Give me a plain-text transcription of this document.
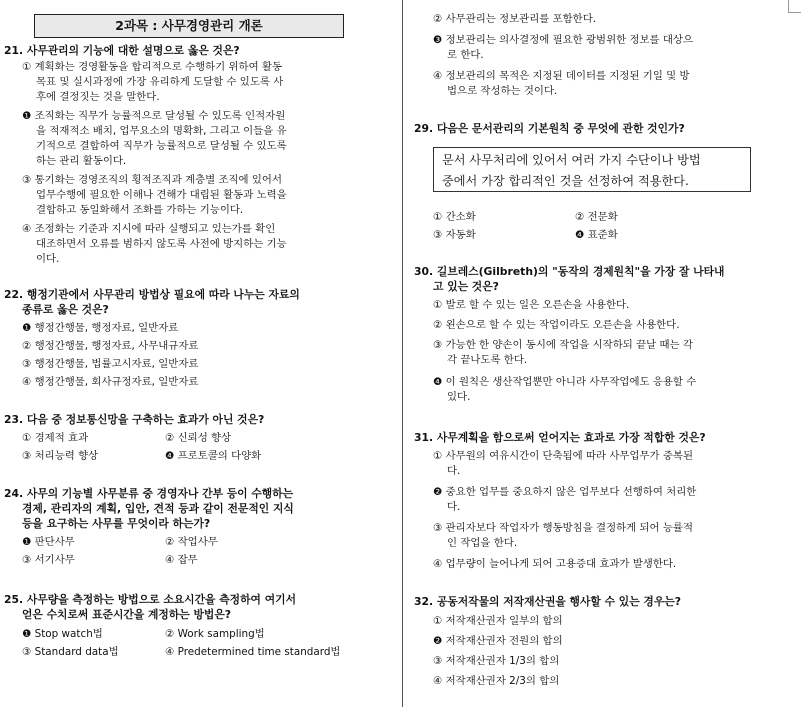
2과목 : 사무경영관리 개론
21. 사무관리의 기능에 대한 설명으로 옳은 것은?
① 계획화는 경영활동을 합리적으로 수행하기 위하여 활동
목표 및 실시과정에 가장 유리하게 도달할 수 있도록 사
후에 결정짓는 것을 말한다.
❶ 조직화는 직무가 능률적으로 달성될 수 있도록 인적자원
을 적재적소 배치, 업무요소의 명확화, 그리고 이들을 유
기적으로 결합하여 직무가 능률적으로 달성될 수 있도록
하는 관리 활동이다.
③ 통기화는 경영조직의 횡적조직과 계층별 조직에 있어서
업무수행에 필요한 이해나 견해가 대립된 활동과 노력을
결합하고 동일화해서 조화를 가하는 기능이다.
④ 조정화는 기준과 지시에 따라 실행되고 있는가를 확인
대조하면서 오류를 범하지 않도록 사전에 방지하는 기능
이다.
22. 행정기관에서 사무관리 방법상 필요에 따라 나누는 자료의
종류로 옳은 것은?
❶ 행정간행물, 행정자료, 일반자료
② 행정간행물, 행정자료, 사무내규자료
③ 행정간행물, 법률고시자료, 일반자료
④ 행정간행물, 회사규정자료, 일반자료
23. 다음 중 정보통신망을 구축하는 효과가 아닌 것은?
① 경제적 효과	② 신뢰성 향상
③ 처리능력 향상	❹ 프로토콜의 다양화
24. 사무의 기능별 사무분류 중 경영자나 간부 등이 수행하는
경제, 관리자의 계획, 입안, 견적 등과 같이 전문적인 지식
등을 요구하는 사무를 무엇이라 하는가?
❶ 판단사무	② 작업사무
③ 서기사무	④ 잡무
25. 사무량을 측정하는 방법으로 소요시간을 측정하여 여기서
얻은 수치로써 표준시간을 계정하는 방법은?
❶ Stop watch법	② Work sampling법
③ Standard data법	④ Predetermined time standard법
② 사무관리는 정보관리를 포함한다.
❸ 정보관리는 의사결정에 필요한 광범위한 정보를 대상으
로 한다.
④ 정보관리의 목적은 지정된 데이터를 지정된 기일 및 방
법으로 작성하는 것이다.
29. 다음은 문서관리의 기본원칙 중 무엇에 관한 것인가?
문서 사무처리에 있어서 여러 가지 수단이나 방법
중에서 가장 합리적인 것을 선정하여 적용한다.
① 간소화	② 전문화
③ 자동화	❹ 표준화
30. 길브레스(Gilbreth)의 "동작의 경제원칙"을 가장 잘 나타내
고 있는 것은?
① 발로 할 수 있는 일은 오른손을 사용한다.
② 왼손으로 할 수 있는 작업이라도 오른손을 사용한다.
③ 가능한 한 양손이 동시에 작업을 시작하되 끝날 때는 각
각 끝나도록 한다.
❹ 이 원칙은 생산작업뿐만 아니라 사무작업에도 응용할 수
있다.
31. 사무계획을 함으로써 얻어지는 효과로 가장 적합한 것은?
① 사무원의 여유시간이 단축됨에 따라 사무업무가 중복된
다.
❷ 중요한 업무를 중요하지 않은 업무보다 선행하여 처리한
다.
③ 관리자보다 작업자가 행동방침을 결정하게 되어 능률적
인 작업을 한다.
④ 업무량이 늘어나게 되어 고용증대 효과가 발생한다.
32. 공동저작물의 저작재산권을 행사할 수 있는 경우는?
① 저작재산권자 일부의 합의
❷ 저작재산권자 전원의 합의
③ 저작재산권자 1/3의 합의
④ 저작재산권자 2/3의 합의
